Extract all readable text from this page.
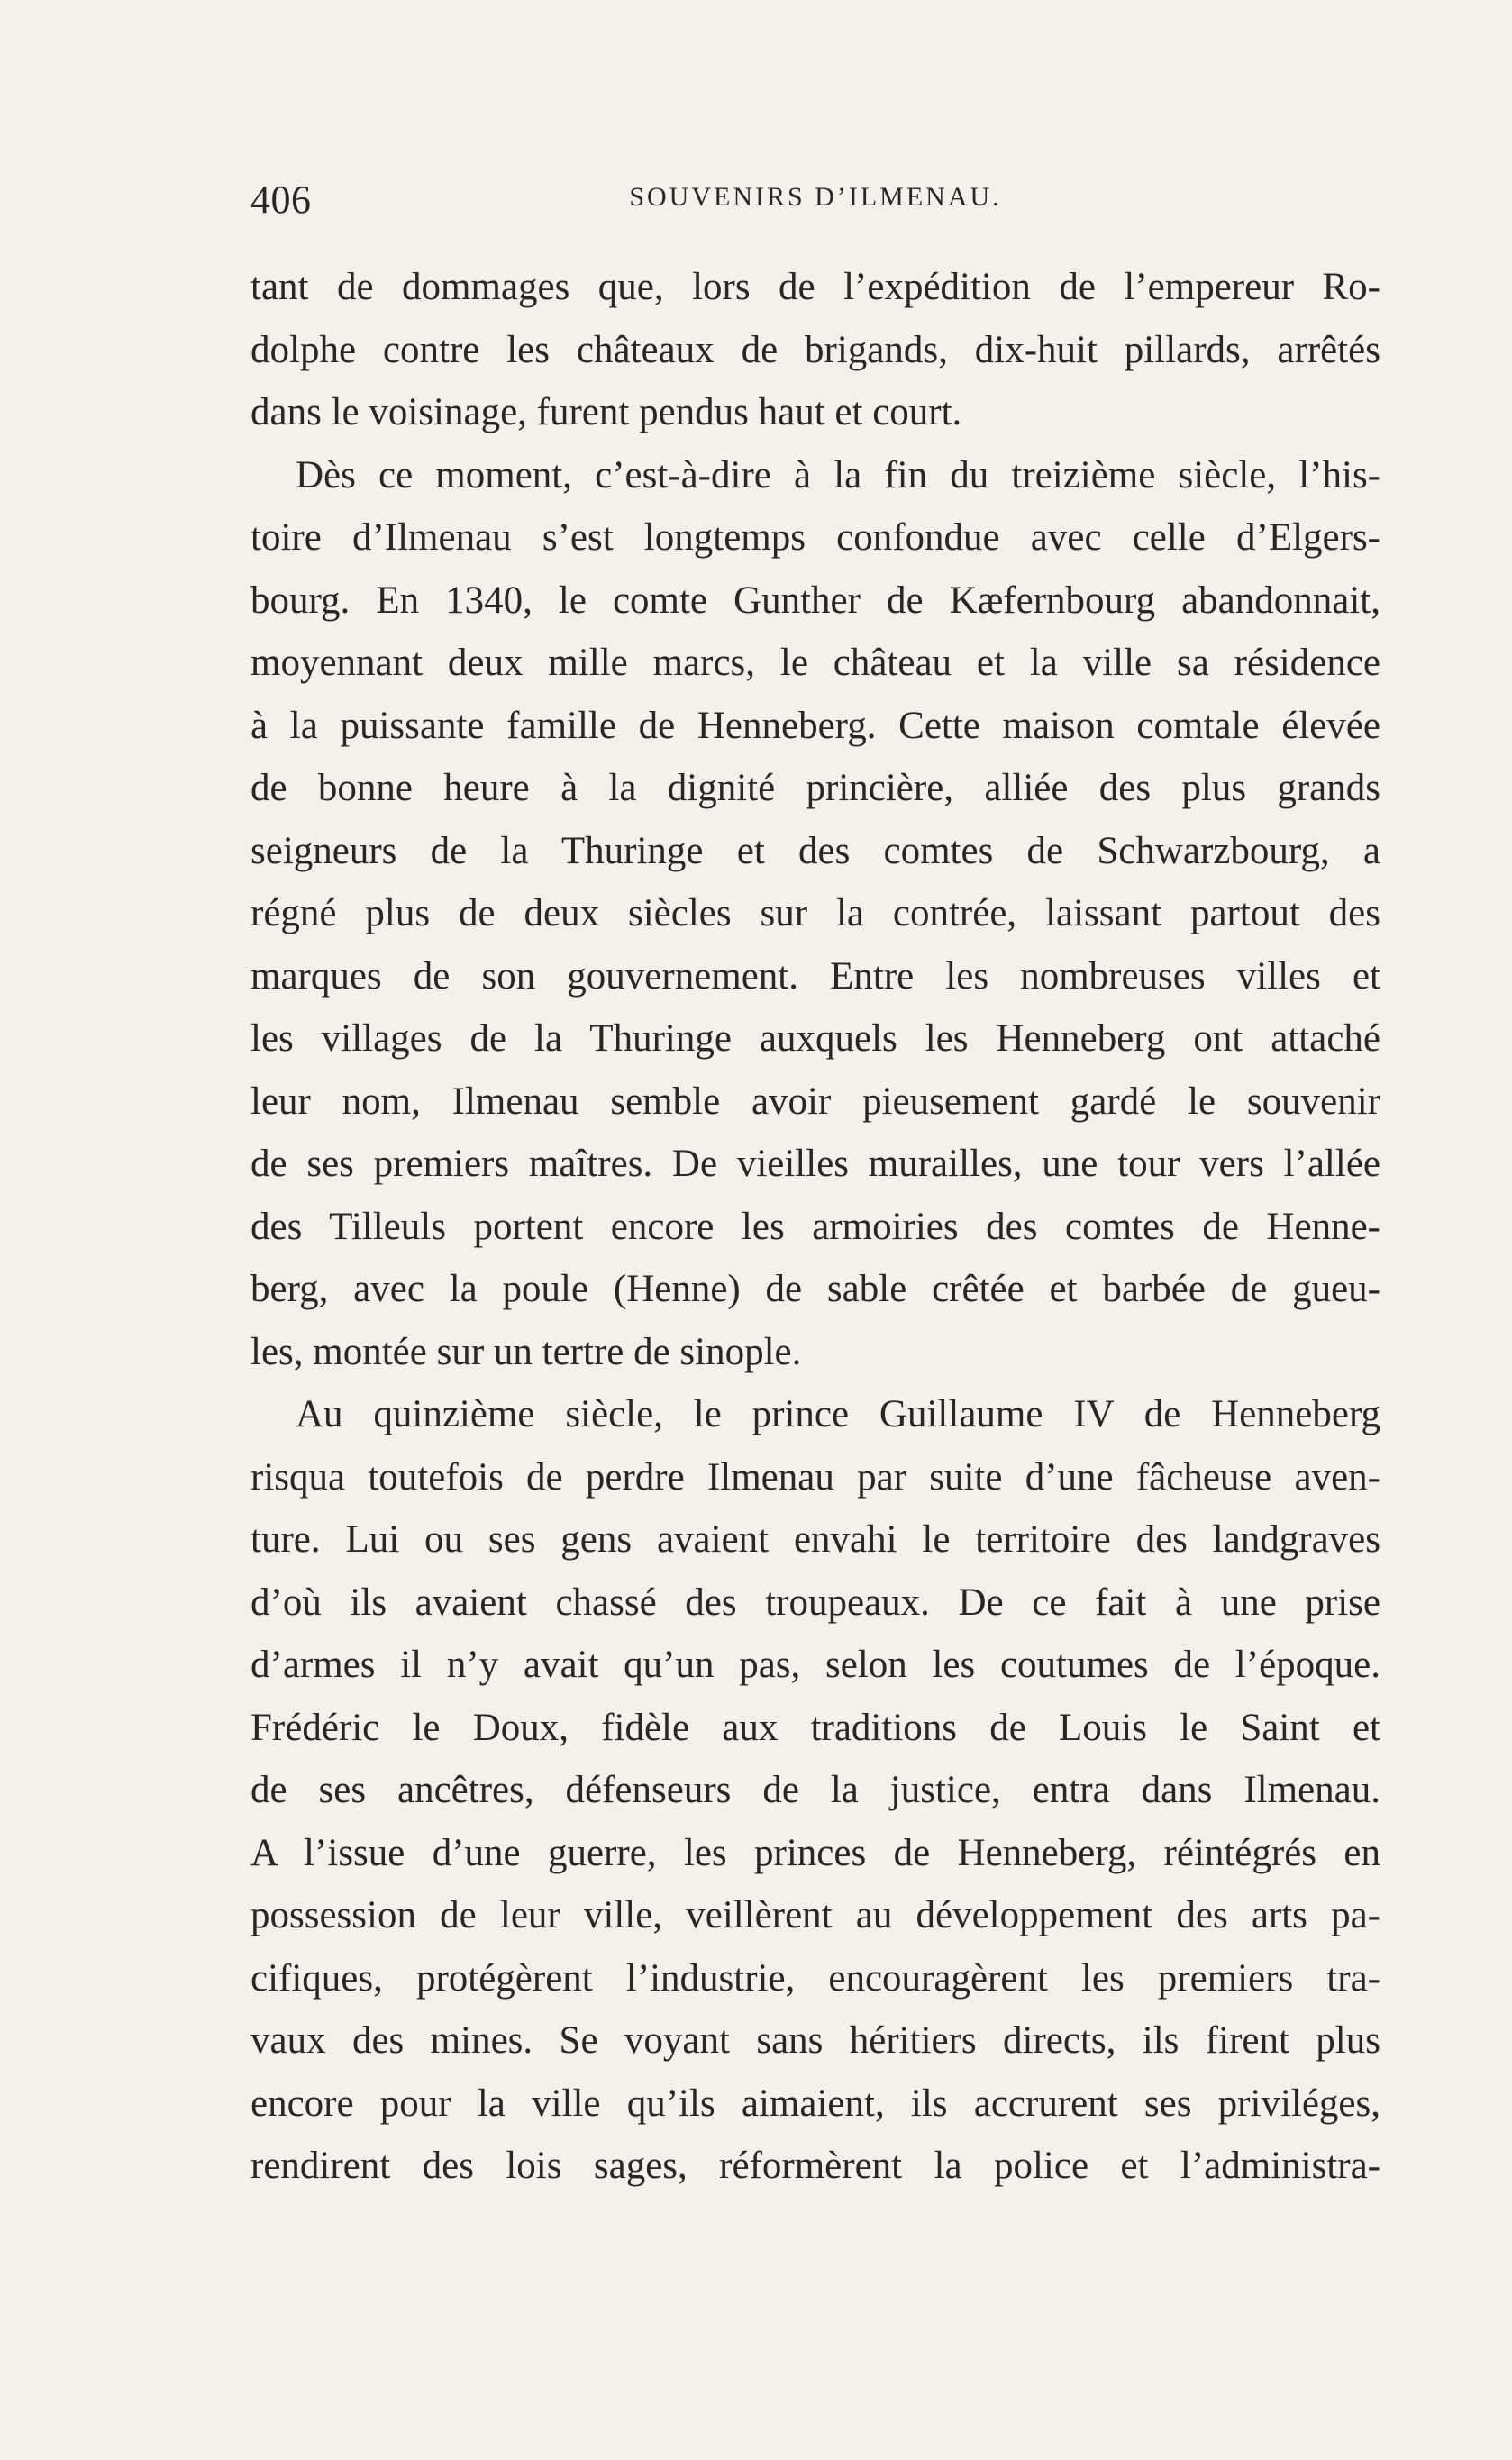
406	SOUVENIRS D’ILMENAU.
tant de dommages que, lors de l’expédition de l’empereur Ro-
dolphe contre les châteaux de brigands, dix-huit pillards, arrêtés
dans le voisinage, furent pendus haut et court.
Dès ce moment, c’est-à-dire à la fin du treizième siècle, l’his-
toire d’Ilmenau s’est longtemps confondue avec celle d’Elgers-
bourg. En 1340, le comte Gunther de Kæfernbourg abandonnait,
moyennant deux mille marcs, le château et la ville sa résidence
à la puissante famille de Henneberg. Cette maison comtale élevée
de bonne heure à la dignité princière, alliée des plus grands
seigneurs de la Thuringe et des comtes de Schwarzbourg, a
régné plus de deux siècles sur la contrée, laissant partout des
marques de son gouvernement. Entre les nombreuses villes et
les villages de la Thuringe auxquels les Henneberg ont attaché
leur nom, Ilmenau semble avoir pieusement gardé le souvenir
de ses premiers maîtres. De vieilles murailles, une tour vers l’allée
des Tilleuls portent encore les armoiries des comtes de Henne-
berg, avec la poule (Henne) de sable crêtée et barbée de gueu-
les, montée sur un tertre de sinople.
Au quinzième siècle, le prince Guillaume IV de Henneberg
risqua toutefois de perdre Ilmenau par suite d’une fâcheuse aven-
ture. Lui ou ses gens avaient envahi le territoire des landgraves
d’où ils avaient chassé des troupeaux. De ce fait à une prise
d’armes il n’y avait qu’un pas, selon les coutumes de l’époque.
Frédéric le Doux, fidèle aux traditions de Louis le Saint et
de ses ancêtres, défenseurs de la justice, entra dans Ilmenau.
A l’issue d’une guerre, les princes de Henneberg, réintégrés en
possession de leur ville, veillèrent au développement des arts pa-
cifiques, protégèrent l’industrie, encouragèrent les premiers tra-
vaux des mines. Se voyant sans héritiers directs, ils firent plus
encore pour la ville qu’ils aimaient, ils accrurent ses priviléges,
rendirent des lois sages, réformèrent la police et l’administra-
